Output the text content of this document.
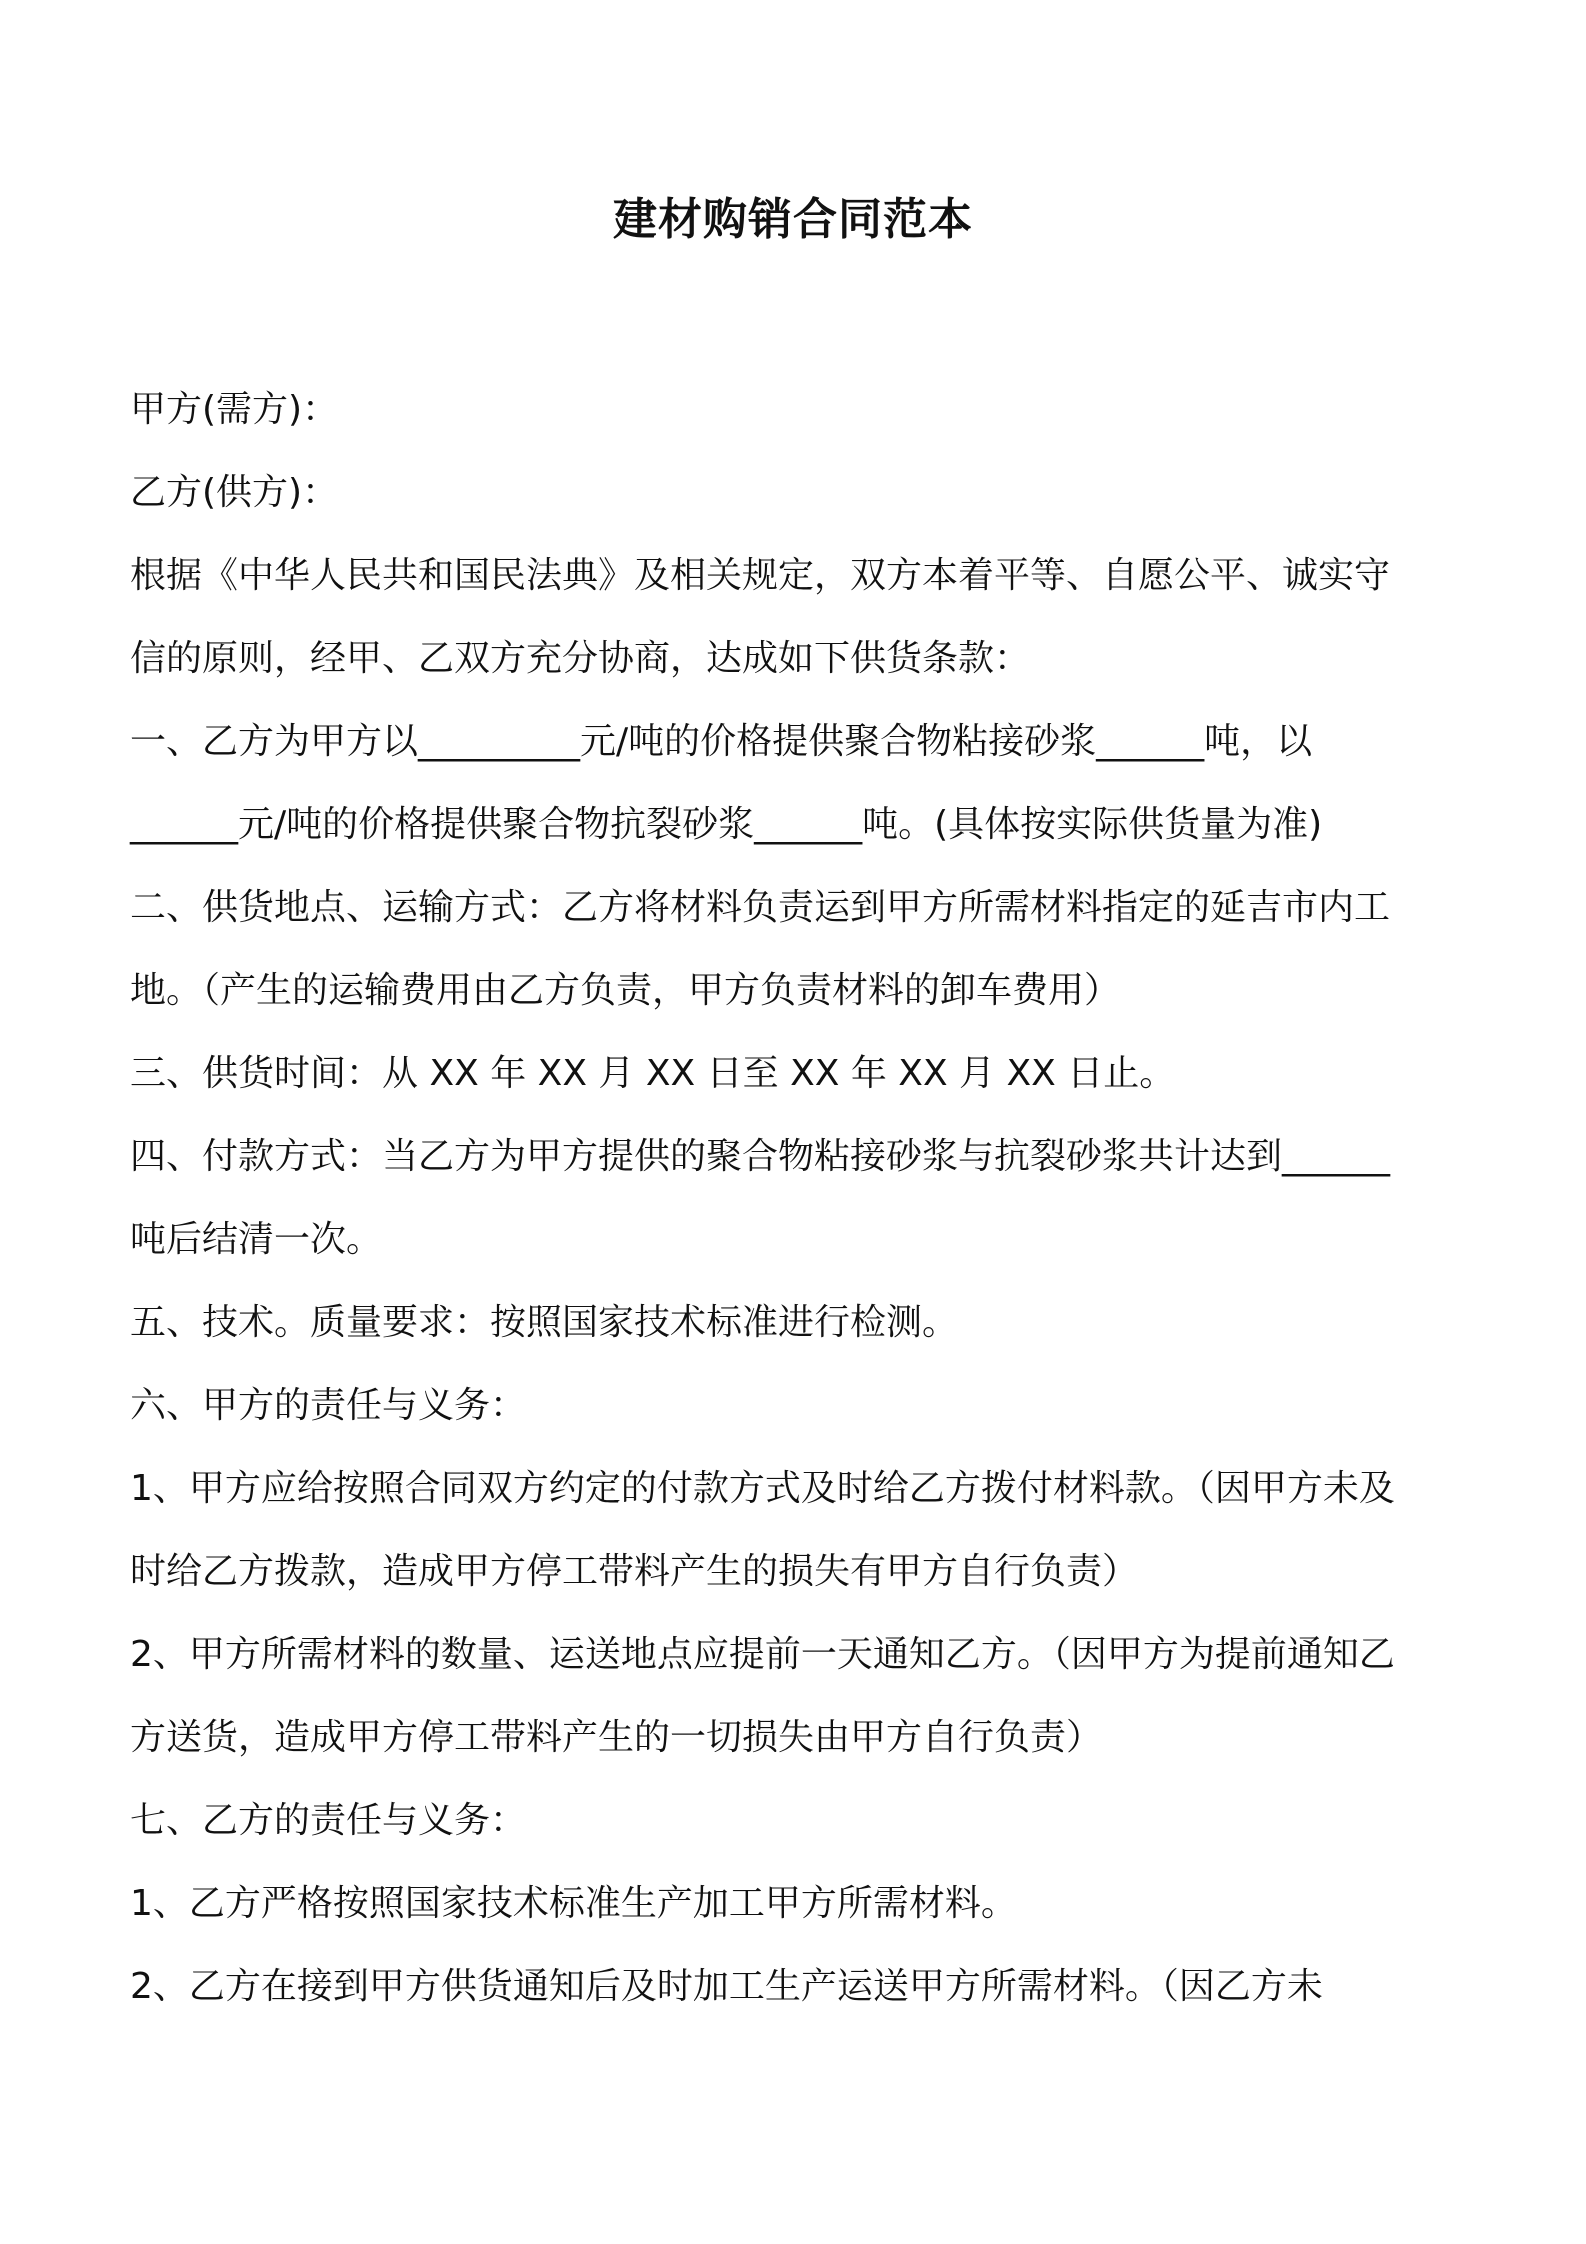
建材购销合同范本
甲方(需方)：
乙方(供方)：
根据《中华人民共和国民法典》及相关规定，双方本着平等、自愿公平、诚实守
信的原则，经甲、乙双方充分协商，达成如下供货条款：
一、乙方为甲方以_________元/吨的价格提供聚合物粘接砂浆______吨，以
______元/吨的价格提供聚合物抗裂砂浆______吨。(具体按实际供货量为准)
二、供货地点、运输方式：乙方将材料负责运到甲方所需材料指定的延吉市内工
地。（产生的运输费用由乙方负责，甲方负责材料的卸车费用）
三、供货时间：从 XX 年 XX 月 XX 日至 XX 年 XX 月 XX 日止。
四、付款方式：当乙方为甲方提供的聚合物粘接砂浆与抗裂砂浆共计达到______
吨后结清一次。
五、技术。质量要求：按照国家技术标准进行检测。
六、甲方的责任与义务：
1、甲方应给按照合同双方约定的付款方式及时给乙方拨付材料款。（因甲方未及
时给乙方拨款，造成甲方停工带料产生的损失有甲方自行负责）
2、甲方所需材料的数量、运送地点应提前一天通知乙方。（因甲方为提前通知乙
方送货，造成甲方停工带料产生的一切损失由甲方自行负责）
七、乙方的责任与义务：
1、乙方严格按照国家技术标准生产加工甲方所需材料。
2、乙方在接到甲方供货通知后及时加工生产运送甲方所需材料。（因乙方未
